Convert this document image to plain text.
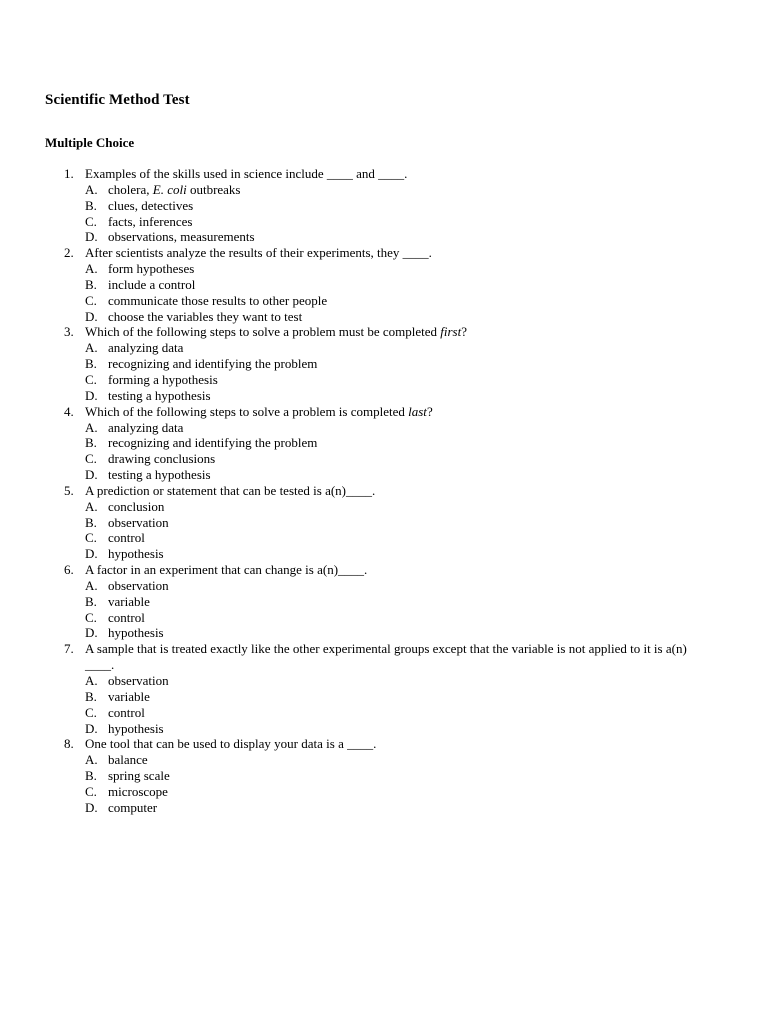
Scientific Method Test
Multiple Choice
1. Examples of the skills used in science include ____ and ____.
A. cholera, E. coli outbreaks
B. clues, detectives
C. facts, inferences
D. observations, measurements
2. After scientists analyze the results of their experiments, they ____.
A. form hypotheses
B. include a control
C. communicate those results to other people
D. choose the variables they want to test
3. Which of the following steps to solve a problem must be completed first?
A. analyzing data
B. recognizing and identifying the problem
C. forming a hypothesis
D. testing a hypothesis
4. Which of the following steps to solve a problem is completed last?
A. analyzing data
B. recognizing and identifying the problem
C. drawing conclusions
D. testing a hypothesis
5. A prediction or statement that can be tested is a(n)____.
A. conclusion
B. observation
C. control
D. hypothesis
6. A factor in an experiment that can change is a(n)____.
A. observation
B. variable
C. control
D. hypothesis
7. A sample that is treated exactly like the other experimental groups except that the variable is not applied to it is a(n) ____.
A. observation
B. variable
C. control
D. hypothesis
8. One tool that can be used to display your data is a ____.
A. balance
B. spring scale
C. microscope
D. computer
